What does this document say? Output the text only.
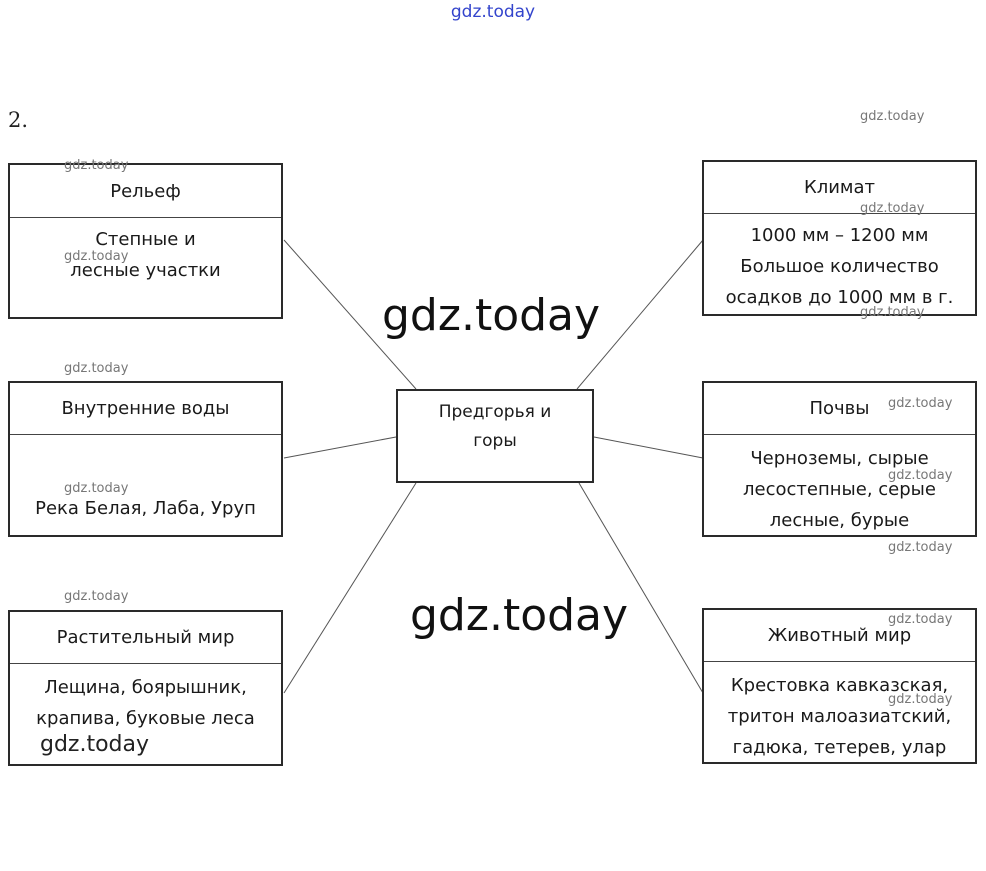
gdz.today
2.
Рельеф
Степные и лесные участки
Климат
1000 мм – 1200 мм
Большое количество
осадков до 1000 мм в г.
Внутренние воды
Река Белая, Лаба, Уруп
Почвы
Черноземы, сырые
лесостепные, серые
лесные, бурые
Растительный мир
Лещина, боярышник,
крапива, буковые леса
Животный мир
Крестовка кавказская,
тритон малоазиатский,
гадюка, тетерев, улар
Предгорья и горы
gdz.today
gdz.today
gdz.today
gdz.today
gdz.today
gdz.today
gdz.today
gdz.today
gdz.today
gdz.today
gdz.today
gdz.today
gdz.today
gdz.today
gdz.today
gdz.today
